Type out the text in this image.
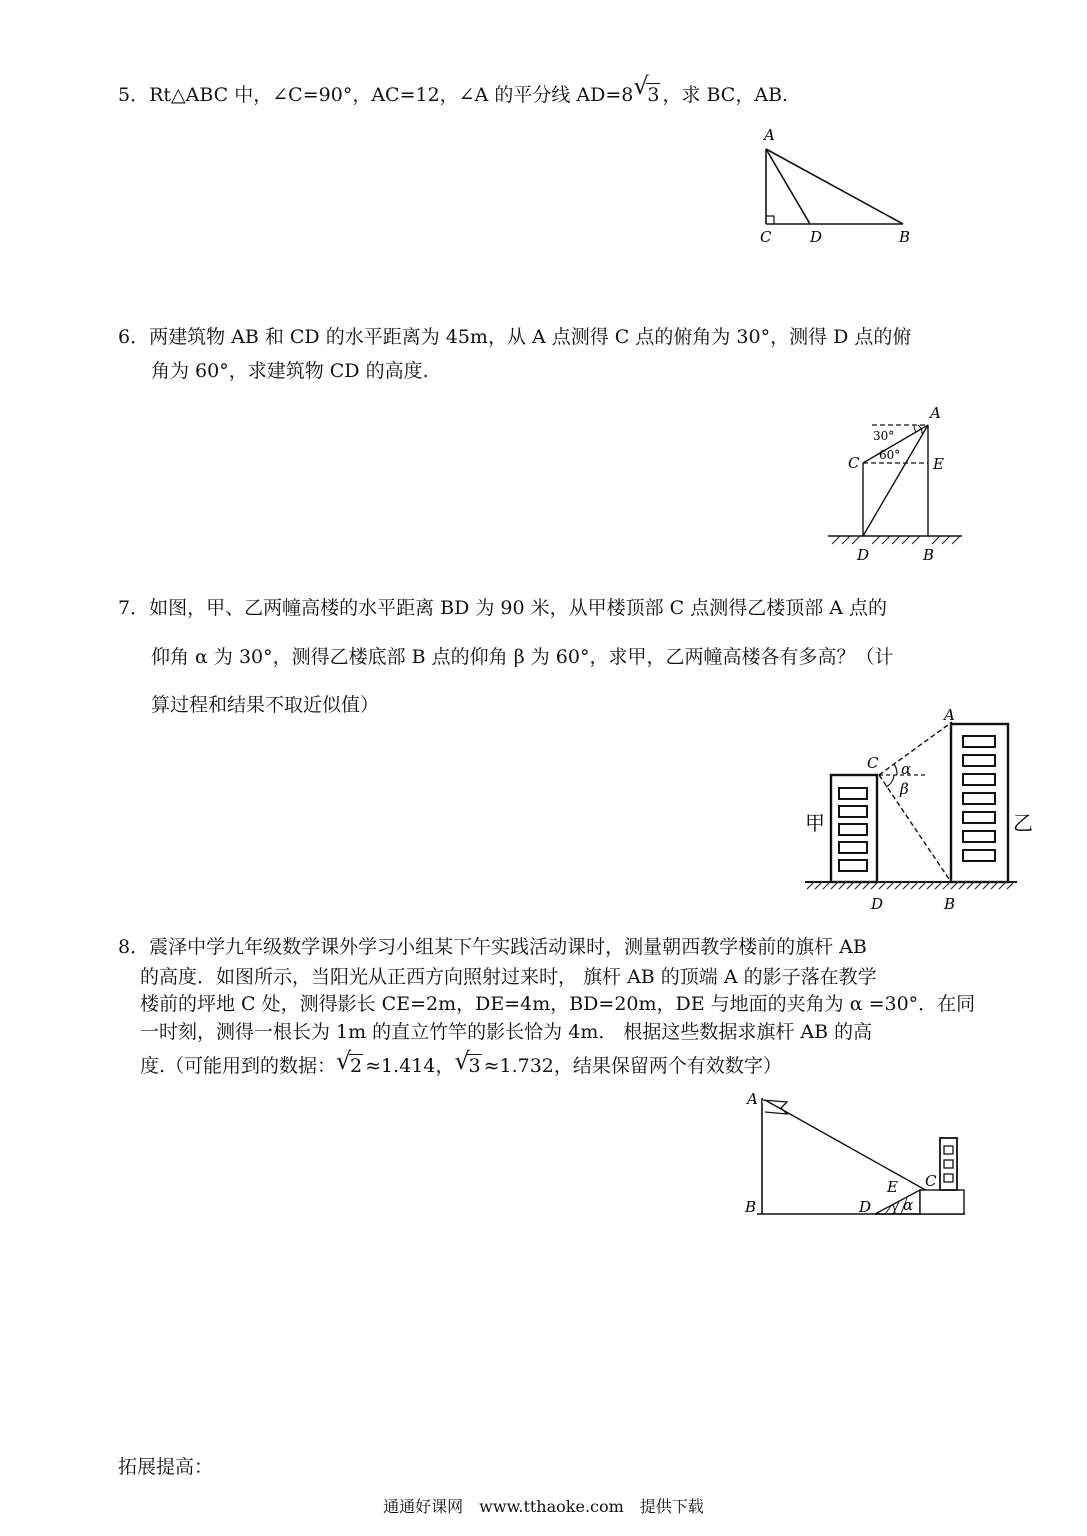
5．Rt△ABC 中，∠C=90°，AC=12，∠A 的平分线 AD=8 √
3 ，求 BC，AB.
A
C	D	B
6．两建筑物 AB 和 CD 的水平距离为 45m，从 A 点测得 C 点的俯角为 30°，测得 D 点的俯
角为 60°，求建筑物 CD 的高度.
30°
60°
A
C	E
D	B
7．如图，甲、乙两幢高楼的水平距离 BD 为 90 米，从甲楼顶部 C 点测得乙楼顶部 A 点的
仰角 α 为 30°，测得乙楼底部 B 点的仰角 β 为 60°，求甲，乙两幢高楼各有多高？（计
算过程和结果不取近似值）
α
β
A
C
D	B
甲	乙
8．震泽中学九年级数学课外学习小组某下午实践活动课时，测量朝西教学楼前的旗杆 AB
的高度．如图所示，当阳光从正西方向照射过来时， 旗杆 AB 的顶端 A 的影子落在教学
楼前的坪地 C 处，测得影长 CE=2m，DE=4m，BD=20m，DE 与地面的夹角为 α =30°．在同
一时刻，测得一根长为 1m 的直立竹竿的影长恰为 4m． 根据这些数据求旗杆 AB 的高
度.（可能用到的数据： √
2 ≈1.414， √
3 ≈1.732，结果保留两个有效数字）
A
B
C
D
E
α
拓展提高：
通通好课网　www.tthaoke.com　提供下载
